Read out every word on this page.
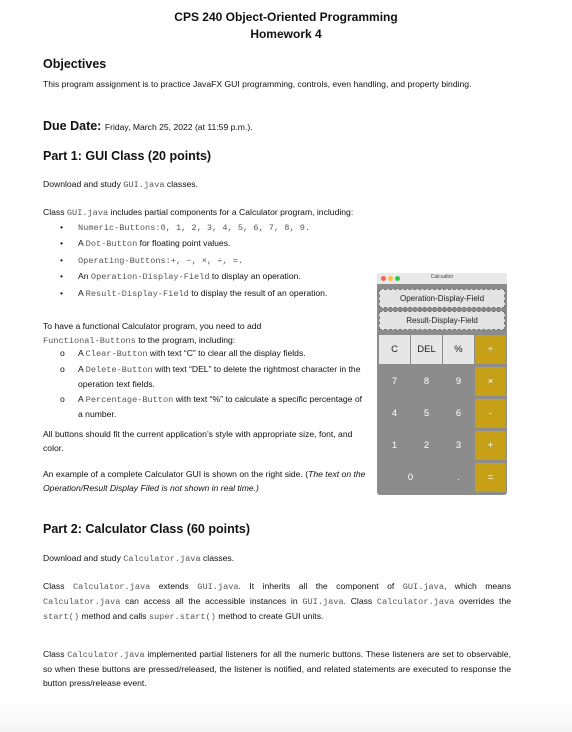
CPS 240 Object-Oriented Programming
Homework 4
Objectives
This program assignment is to practice JavaFX GUI programming, controls, even handling, and property binding.
Due Date: Friday, March 25, 2022 (at 11:59 p.m.).
Part 1: GUI Class (20 points)
Download and study GUI.java classes.
Class GUI.java includes partial components for a Calculator program, including:
• Numeric-Buttons:0, 1, 2, 3, 4, 5, 6, 7, 8, 9.
• A Dot-Button for floating point values.
• Operating-Buttons:+, −, ×, ÷, =.
• An Operation-Display-Field to display an operation.
• A Result-Display-Field to display the result of an operation.
To have a functional Calculator program, you need to add
Functional-Buttons to the program, including:
o A Clear-Button with text “C” to clear all the display fields.
o A Delete-Button with text “DEL” to delete the rightmost character in the operation text fields.
o A Percentage-Button with text “%” to calculate a specific percentage of a number.
All buttons should fit the current application’s style with appropriate size, font, and color.
An example of a complete Calculator GUI is shown on the right side. (The text on the Operation/Result Display Filed is not shown in real time.)
Calcualtor
Operation-Display-Field
Result-Display-Field
C	DEL	%	÷
7	8	9	×
4	5	6	-
1	2	3	+
0	.	=
Part 2: Calculator Class (60 points)
Download and study Calculator.java classes.
Class Calculator.java extends GUI.java. It inherits all the component of GUI.java, which means Calculator.java can access all the accessible instances in GUI.java. Class Calculator.java overrides the start() method and calls super.start() method to create GUI units.
Class Calculator.java implemented partial listeners for all the numeric buttons. These listeners are set to observable, so when these buttons are pressed/released, the listener is notified, and related statements are executed to response the button press/release event.
